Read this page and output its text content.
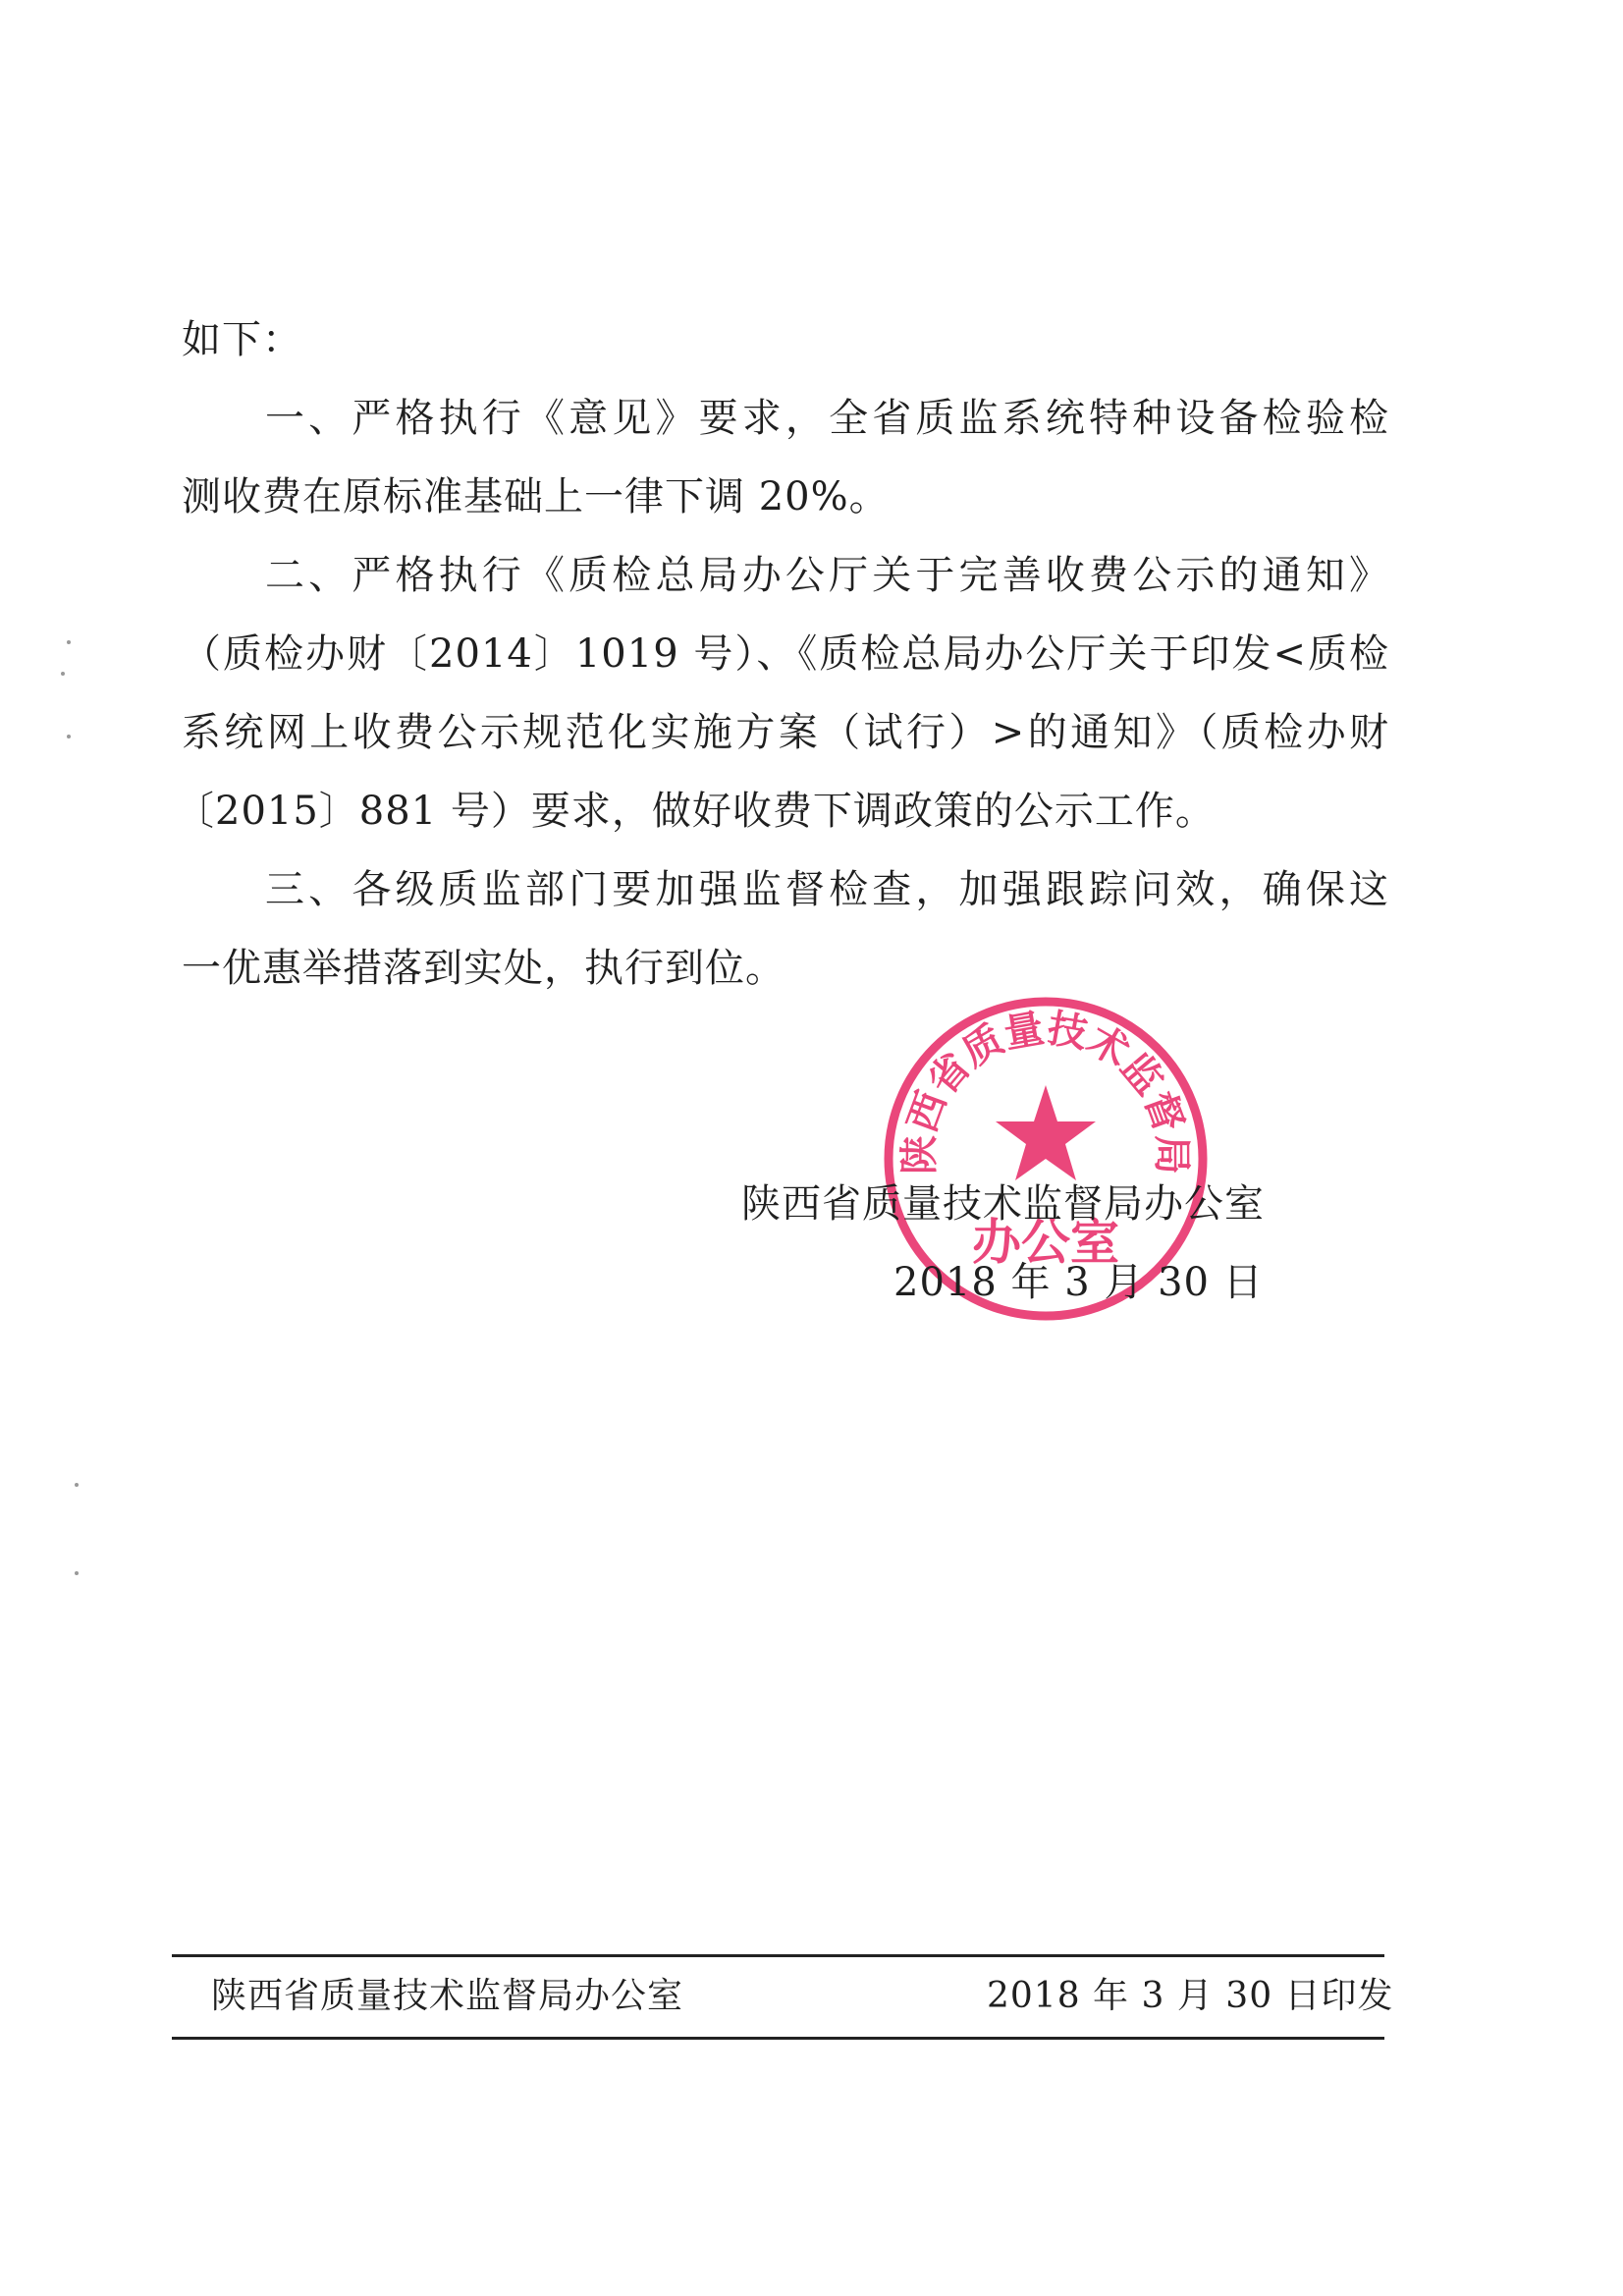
如下：
一、严格执行《意见》要求，全省质监系统特种设备检验检
测收费在原标准基础上一律下调 20%。
二、严格执行《质检总局办公厅关于完善收费公示的通知》
（质检办财〔2014〕1019 号）、《质检总局办公厅关于印发<质检
系统网上收费公示规范化实施方案（试行）>的通知》（质检办财
〔2015〕881 号）要求，做好收费下调政策的公示工作。
三、各级质监部门要加强监督检查，加强跟踪问效，确保这
一优惠举措落到实处，执行到位。
陕西省质量技术监督局
办公室
陕西省质量技术监督局办公室
2018 年 3 月 30 日
陕西省质量技术监督局办公室	2018 年 3 月 30 日印发
